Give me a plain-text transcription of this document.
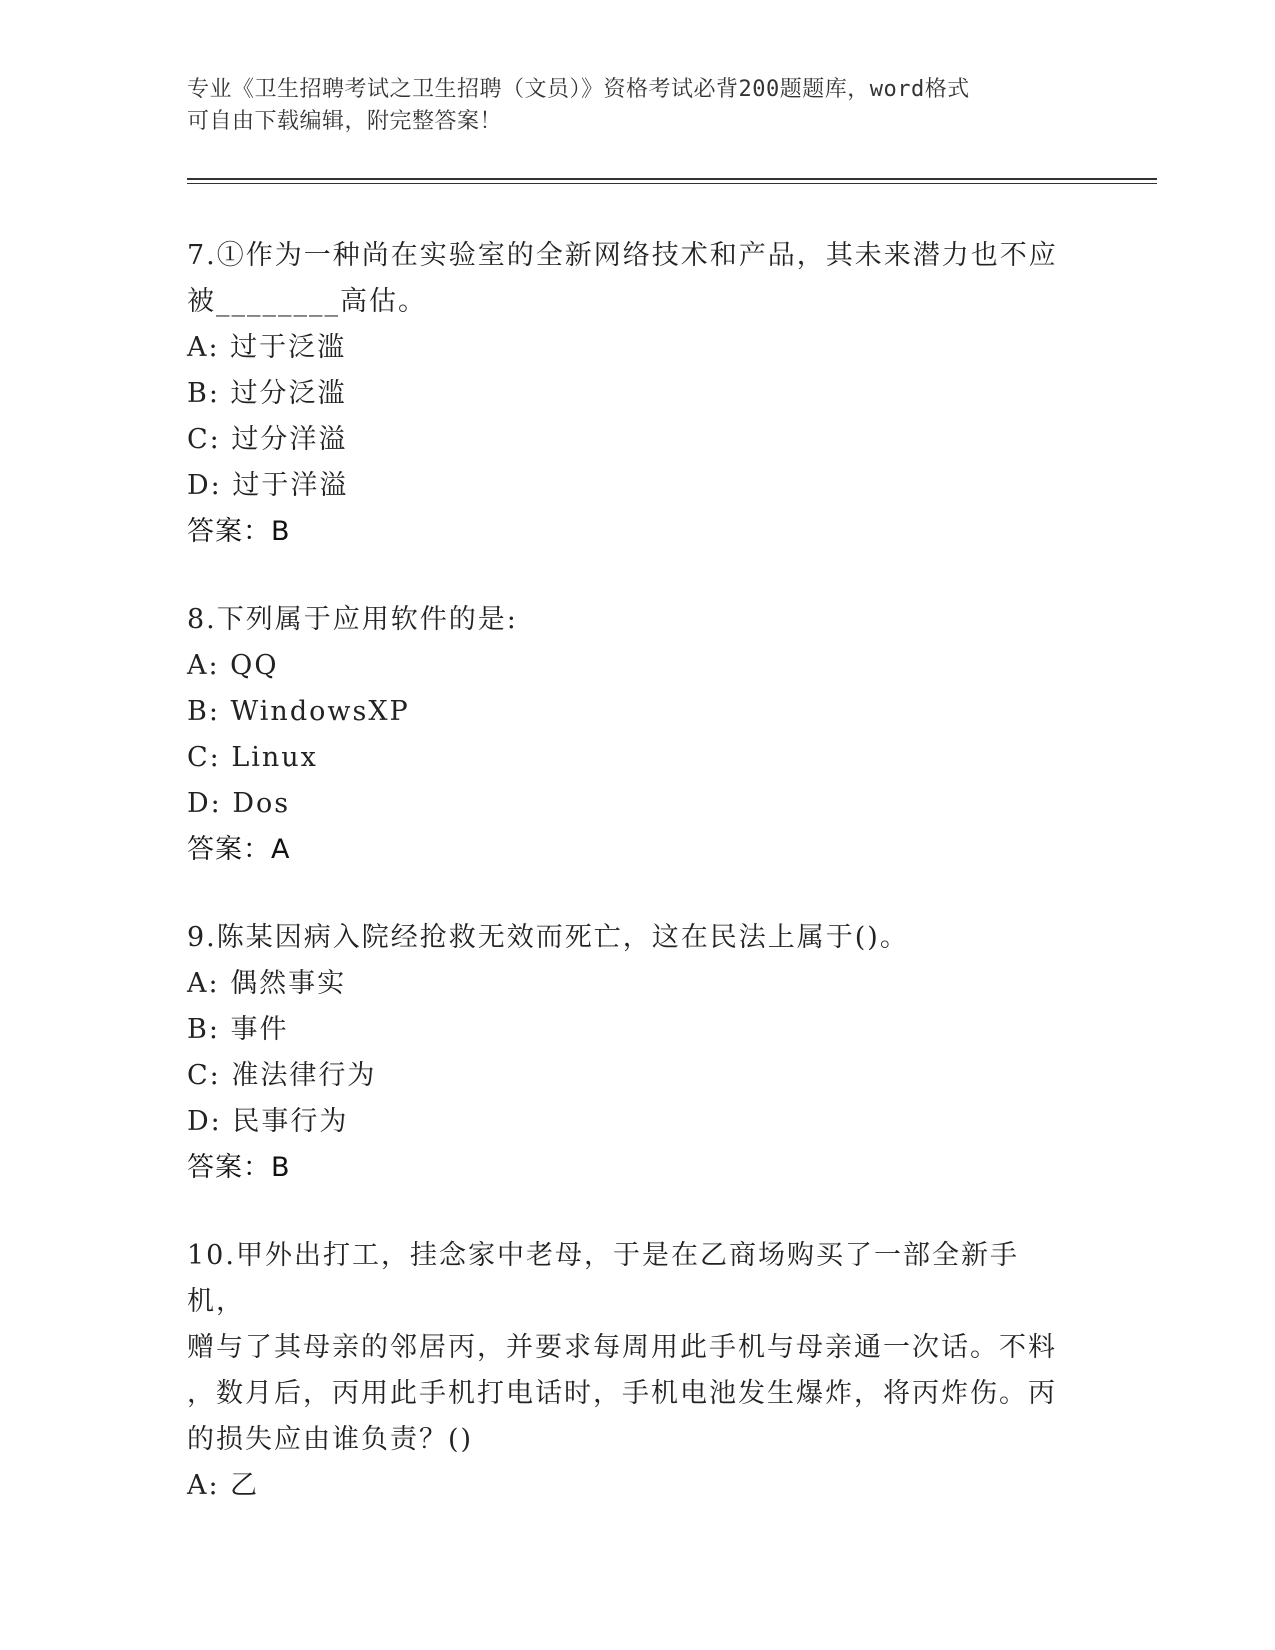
专业《卫生招聘考试之卫生招聘（文员）》资格考试必背200题题库，word格式
可自由下载编辑，附完整答案！

7.①作为一种尚在实验室的全新网络技术和产品，其未来潜力也不应

被________高估。

A: 过于泛滥

B: 过分泛滥

C: 过分洋溢

D: 过于洋溢

答案：B

8.下列属于应用软件的是:

A: QQ

B: WindowsXP

C: Linux

D: Dos

答案：A

9.陈某因病入院经抢救无效而死亡，这在民法上属于()。

A: 偶然事实

B: 事件

C: 准法律行为

D: 民事行为

答案：B

10.甲外出打工，挂念家中老母，于是在乙商场购买了一部全新手机，

赠与了其母亲的邻居丙，并要求每周用此手机与母亲通一次话。不料

，数月后，丙用此手机打电话时，手机电池发生爆炸，将丙炸伤。丙

的损失应由谁负责？()

A: 乙
